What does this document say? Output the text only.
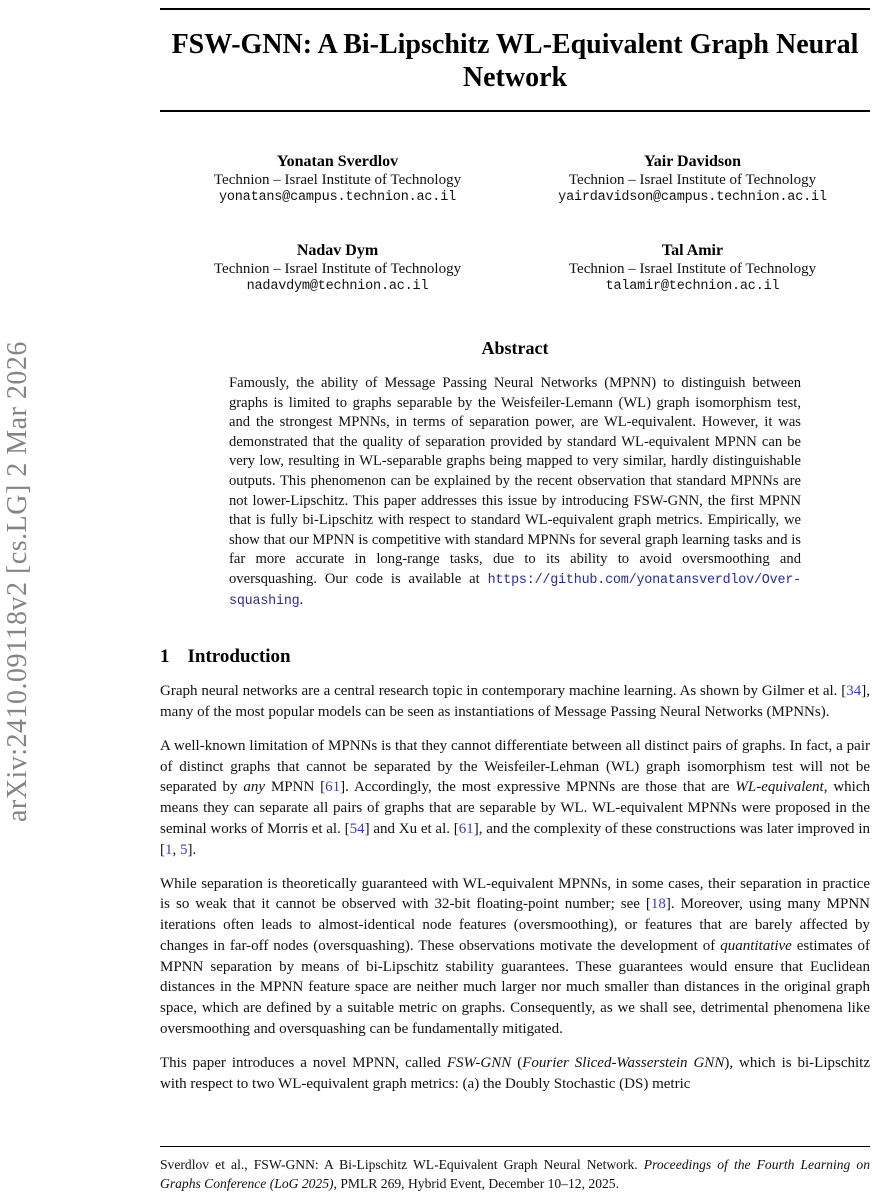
arXiv:2410.09118v2 [cs.LG] 2 Mar 2026
FSW-GNN: A Bi-Lipschitz WL-Equivalent Graph Neural Network
Yonatan Sverdlov
Technion – Israel Institute of Technology
yonatans@campus.technion.ac.il
Yair Davidson
Technion – Israel Institute of Technology
yairdavidson@campus.technion.ac.il
Nadav Dym
Technion – Israel Institute of Technology
nadavdym@technion.ac.il
Tal Amir
Technion – Israel Institute of Technology
talamir@technion.ac.il
Abstract

Famously, the ability of Message Passing Neural Networks (MPNN) to distinguish between graphs is limited to graphs separable by the Weisfeiler-Lemann (WL) graph isomorphism test, and the strongest MPNNs, in terms of separation power, are WL-equivalent. However, it was demonstrated that the quality of separation provided by standard WL-equivalent MPNN can be very low, resulting in WL-separable graphs being mapped to very similar, hardly distinguishable outputs. This phenomenon can be explained by the recent observation that standard MPNNs are not lower-Lipschitz. This paper addresses this issue by introducing FSW-GNN, the first MPNN that is fully bi-Lipschitz with respect to standard WL-equivalent graph metrics. Empirically, we show that our MPNN is competitive with standard MPNNs for several graph learning tasks and is far more accurate in long-range tasks, due to its ability to avoid oversmoothing and oversquashing. Our code is available at https://github.com/yonatansverdlov/Over-squashing.

1 Introduction

Graph neural networks are a central research topic in contemporary machine learning. As shown by Gilmer et al. [34], many of the most popular models can be seen as instantiations of Message Passing Neural Networks (MPNNs).

A well-known limitation of MPNNs is that they cannot differentiate between all distinct pairs of graphs. In fact, a pair of distinct graphs that cannot be separated by the Weisfeiler-Lehman (WL) graph isomorphism test will not be separated by any MPNN [61]. Accordingly, the most expressive MPNNs are those that are WL-equivalent, which means they can separate all pairs of graphs that are separable by WL. WL-equivalent MPNNs were proposed in the seminal works of Morris et al. [54] and Xu et al. [61], and the complexity of these constructions was later improved in [1, 5].

While separation is theoretically guaranteed with WL-equivalent MPNNs, in some cases, their separation in practice is so weak that it cannot be observed with 32-bit floating-point number; see [18]. Moreover, using many MPNN iterations often leads to almost-identical node features (oversmoothing), or features that are barely affected by changes in far-off nodes (oversquashing). These observations motivate the development of quantitative estimates of MPNN separation by means of bi-Lipschitz stability guarantees. These guarantees would ensure that Euclidean distances in the MPNN feature space are neither much larger nor much smaller than distances in the original graph space, which are defined by a suitable metric on graphs. Consequently, as we shall see, detrimental phenomena like oversmoothing and oversquashing can be fundamentally mitigated.

This paper introduces a novel MPNN, called FSW-GNN (Fourier Sliced-Wasserstein GNN), which is bi-Lipschitz with respect to two WL-equivalent graph metrics: (a) the Doubly Stochastic (DS) metric

Sverdlov et al., FSW-GNN: A Bi-Lipschitz WL-Equivalent Graph Neural Network. Proceedings of the Fourth Learning on Graphs Conference (LoG 2025), PMLR 269, Hybrid Event, December 10–12, 2025.
